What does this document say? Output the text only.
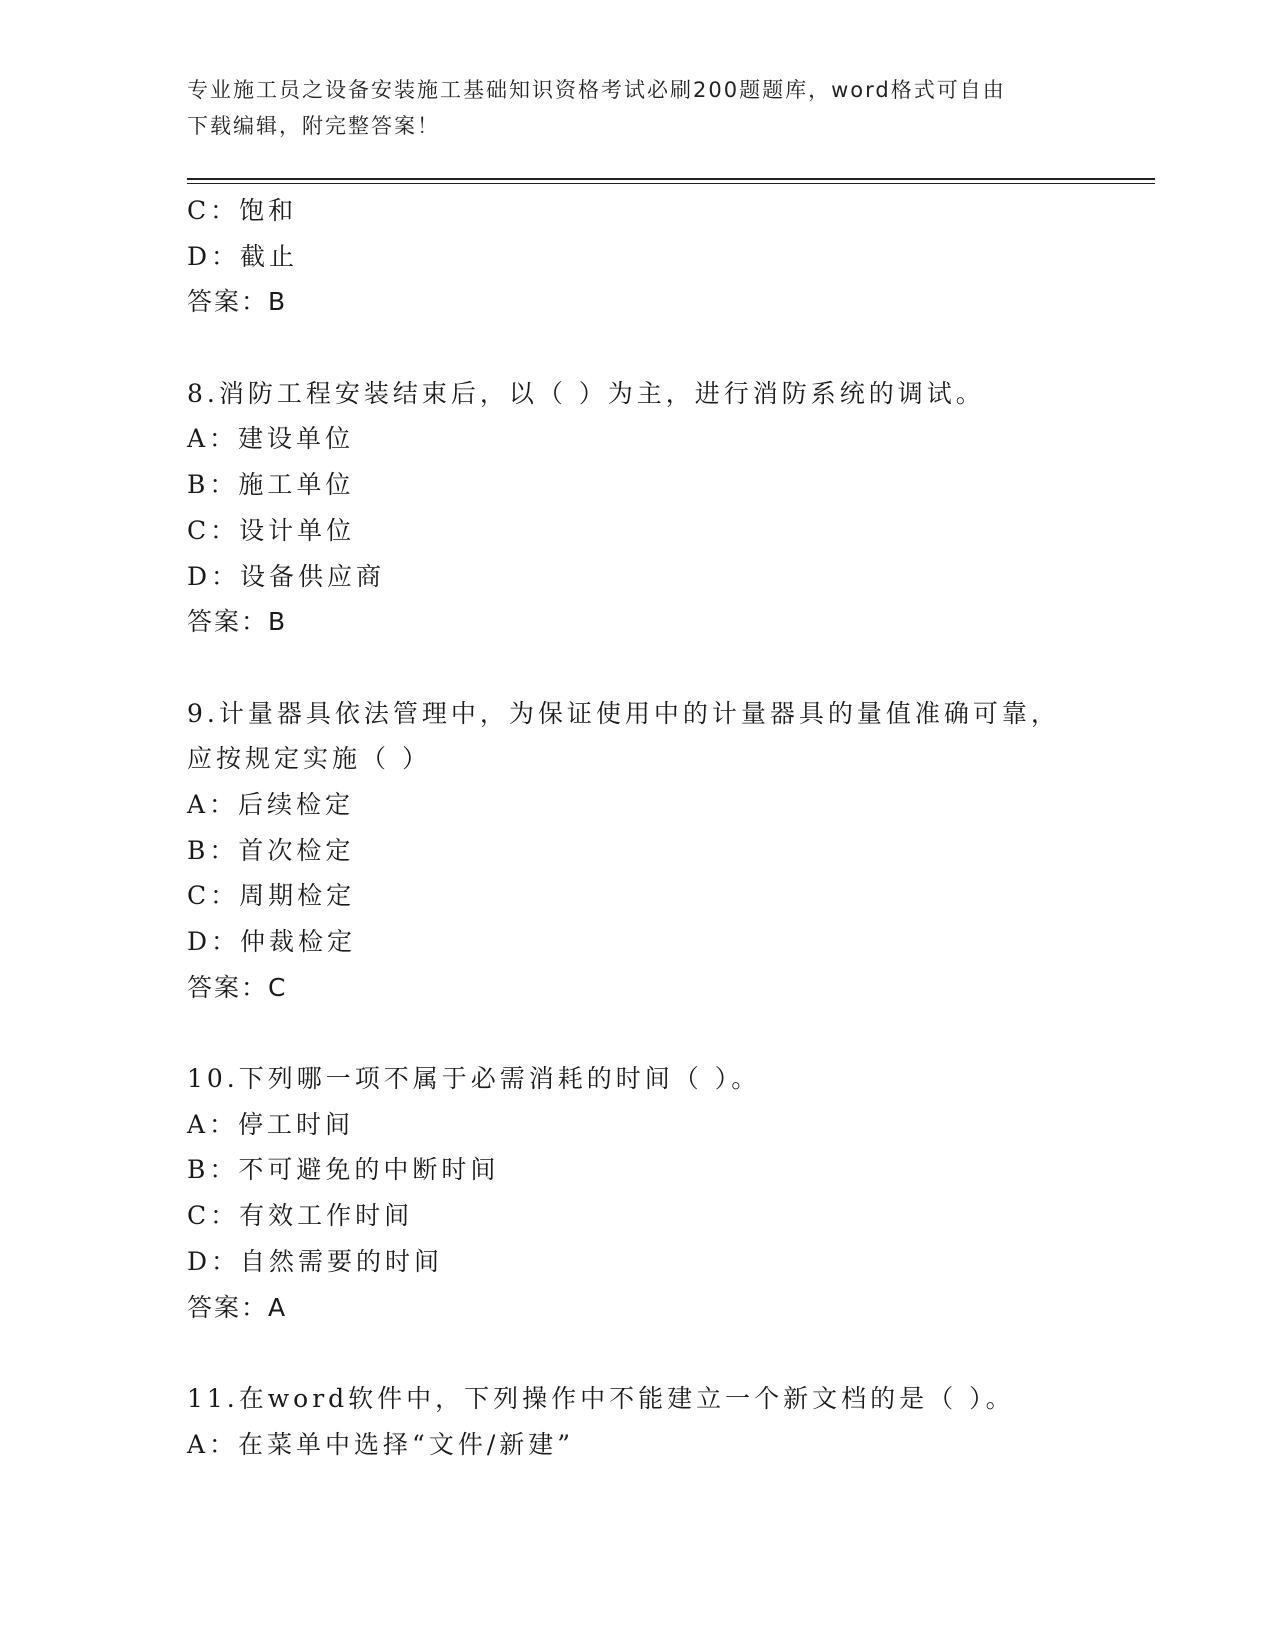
专业施工员之设备安装施工基础知识资格考试必刷200题题库，word格式可自由
下载编辑，附完整答案！
C：饱和
D：截止
答案：B
8.消防工程安装结束后，以（ ）为主，进行消防系统的调试。
A：建设单位
B：施工单位
C：设计单位
D：设备供应商
答案：B
9.计量器具依法管理中，为保证使用中的计量器具的量值准确可靠，
应按规定实施（ ）
A：后续检定
B：首次检定
C：周期检定
D：仲裁检定
答案：C
10.下列哪一项不属于必需消耗的时间（ ）。
A：停工时间
B：不可避免的中断时间
C：有效工作时间
D：自然需要的时间
答案：A
11.在word软件中，下列操作中不能建立一个新文档的是（ ）。
A：在菜单中选择“文件/新建”
